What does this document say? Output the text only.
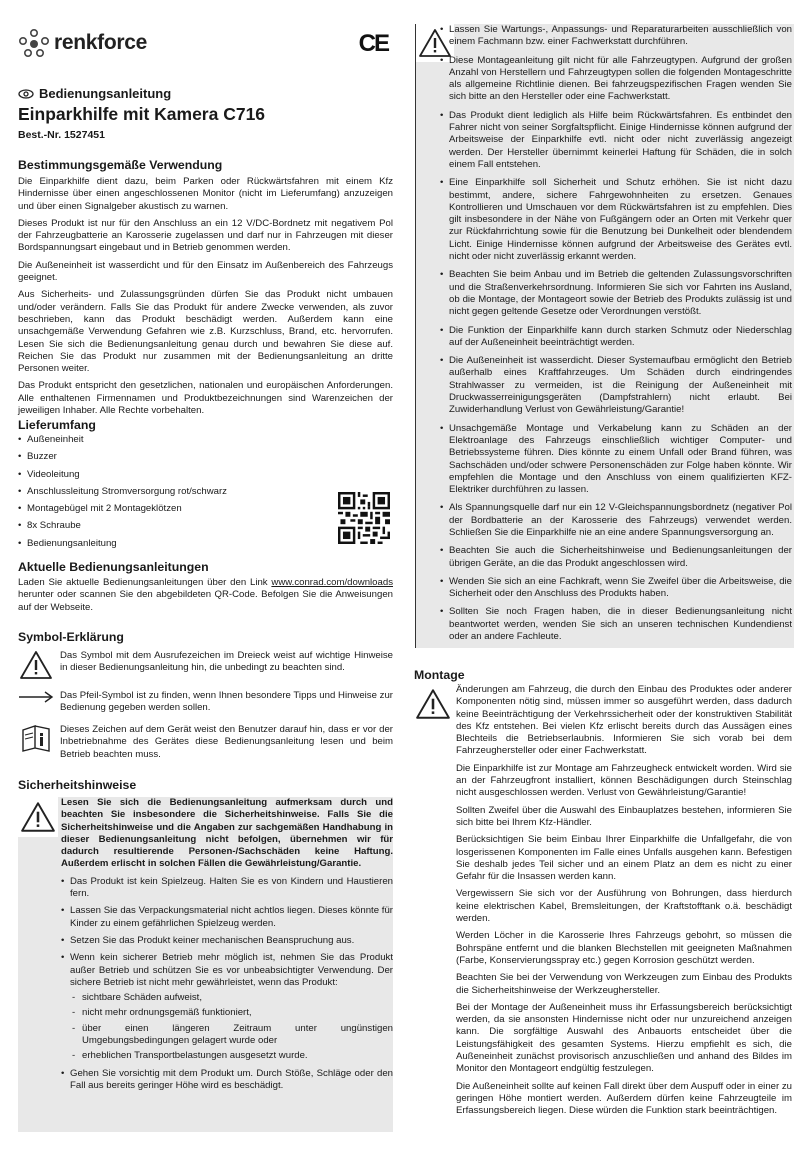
renkforce	CE
Bedienungsanleitung
Einparkhilfe mit Kamera C716
Best.-Nr. 1527451
Bestimmungsgemäße Verwendung

Die Einparkhilfe dient dazu, beim Parken oder Rückwärtsfahren mit einem Kfz Hindernisse über einen angeschlossenen Monitor (nicht im Lieferumfang) anzuzeigen und über einen Signalgeber akustisch zu warnen.

Dieses Produkt ist nur für den Anschluss an ein 12 V/DC-Bordnetz mit negativem Pol der Fahrzeugbatterie an Karosserie zugelassen und darf nur in Fahrzeugen mit dieser Bordspannungsart eingebaut und in Betrieb genommen werden.

Die Außeneinheit ist wasserdicht und für den Einsatz im Außenbereich des Fahrzeugs geeignet.

Aus Sicherheits- und Zulassungsgründen dürfen Sie das Produkt nicht umbauen und/oder verändern. Falls Sie das Produkt für andere Zwecke verwenden, als zuvor beschrieben, kann das Produkt beschädigt werden. Außerdem kann eine unsachgemäße Verwendung Gefahren wie z.B. Kurzschluss, Brand, etc. hervorrufen. Lesen Sie sich die Bedienungsanleitung genau durch und bewahren Sie diese auf. Reichen Sie das Produkt nur zusammen mit der Bedienungsanleitung an dritte Personen weiter.

Das Produkt entspricht den gesetzlichen, nationalen und europäischen Anforderungen. Alle enthaltenen Firmennamen und Produktbezeichnungen sind Warenzeichen der jeweiligen Inhaber. Alle Rechte vorbehalten.

Lieferumfang
• Außeneinheit
• Buzzer
• Videoleitung
• Anschlussleitung Stromversorgung rot/schwarz
• Montagebügel mit 2 Montageklötzen
• 8x Schraube
• Bedienungsanleitung
Aktuelle Bedienungsanleitungen

Laden Sie aktuelle Bedienungsanleitungen über den Link www.conrad.com/downloads herunter oder scannen Sie den abgebildeten QR-Code. Befolgen Sie die Anweisungen auf der Webseite.

Symbol-Erklärung

Das Symbol mit dem Ausrufezeichen im Dreieck weist auf wichtige Hinweise in dieser Bedienungsanleitung hin, die unbedingt zu beachten sind.

Das Pfeil-Symbol ist zu finden, wenn Ihnen besondere Tipps und Hinweise zur Bedienung gegeben werden sollen.

Dieses Zeichen auf dem Gerät weist den Benutzer darauf hin, dass er vor der Inbetriebnahme des Gerätes diese Bedienungsanleitung lesen und beim Betrieb beachten muss.

Sicherheitshinweise

Lesen Sie sich die Bedienungsanleitung aufmerksam durch und beachten Sie insbesondere die Sicherheitshinweise. Falls Sie die Sicherheitshinweise und die Angaben zur sachgemäßen Handhabung in dieser Bedienungsanleitung nicht befolgen, übernehmen wir für dadurch resultierende Personen-/Sachschäden keine Haftung. Außerdem erlischt in solchen Fällen die Gewährleistung/Garantie.

• Das Produkt ist kein Spielzeug. Halten Sie es von Kindern und Haustieren fern.
• Lassen Sie das Verpackungsmaterial nicht achtlos liegen. Dieses könnte für Kinder zu einem gefährlichen Spielzeug werden.
• Setzen Sie das Produkt keiner mechanischen Beanspruchung aus.
• Wenn kein sicherer Betrieb mehr möglich ist, nehmen Sie das Produkt außer Betrieb und schützen Sie es vor unbeabsichtigter Verwendung. Der sichere Betrieb ist nicht mehr gewährleistet, wenn das Produkt:
- sichtbare Schäden aufweist,
- nicht mehr ordnungsgemäß funktioniert,
- über einen längeren Zeitraum unter ungünstigen Umgebungsbedingungen gelagert wurde oder
- erheblichen Transportbelastungen ausgesetzt wurde.
• Gehen Sie vorsichtig mit dem Produkt um. Durch Stöße, Schläge oder den Fall aus bereits geringer Höhe wird es beschädigt.
• Lassen Sie Wartungs-, Anpassungs- und Reparaturarbeiten ausschließlich von einem Fachmann bzw. einer Fachwerkstatt durchführen.
• Diese Montageanleitung gilt nicht für alle Fahrzeugtypen. Aufgrund der großen Anzahl von Herstellern und Fahrzeugtypen sollen die folgenden Montageschritte als allgemeine Richtlinie dienen. Bei fahrzeugspezifischen Fragen wenden Sie sich bitte an den Hersteller oder eine Fachwerkstatt.
• Das Produkt dient lediglich als Hilfe beim Rückwärtsfahren. Es entbindet den Fahrer nicht von seiner Sorgfaltspflicht. Einige Hindernisse können aufgrund der Arbeitsweise der Einparkhilfe evtl. nicht oder nicht zuverlässig angezeigt werden. Der Hersteller übernimmt keinerlei Haftung für Schäden, die in solch einem Fall entstehen.
• Eine Einparkhilfe soll Sicherheit und Schutz erhöhen. Sie ist nicht dazu bestimmt, andere, sichere Fahrgewohnheiten zu ersetzen. Genaues Kontrollieren und Umschauen vor dem Rückwärtsfahren ist zu empfehlen. Dies gilt insbesondere in der Nähe von Fußgängern oder an Orten mit Verkehr quer zur Rückfahrrichtung sowie für die Benutzung bei Dunkelheit oder blendendem Licht. Einige Hindernisse können aufgrund der Arbeitsweise des Gerätes evtl. nicht oder nicht zuverlässig erkannt werden.
• Beachten Sie beim Anbau und im Betrieb die geltenden Zulassungsvorschriften und die Straßenverkehrsordnung. Informieren Sie sich vor Fahrten ins Ausland, ob die Montage, der Montageort sowie der Betrieb des Produkts zulässig ist und nicht gegen geltende Gesetze oder Verordnungen verstößt.
• Die Funktion der Einparkhilfe kann durch starken Schmutz oder Niederschlag auf der Außeneinheit beeinträchtigt werden.
• Die Außeneinheit ist wasserdicht. Dieser Systemaufbau ermöglicht den Betrieb außerhalb eines Kraftfahrzeuges. Um Schäden durch eindringendes Strahlwasser zu vermeiden, ist die Reinigung der Außeneinheit mit Druckwasserreinigungsgeräten (Dampfstrahlern) nicht erlaubt. Bei Zuwiderhandlung Verlust von Gewährleistung/Garantie!
• Unsachgemäße Montage und Verkabelung kann zu Schäden an der Elektroanlage des Fahrzeugs einschließlich wichtiger Computer- und Betriebssysteme führen. Dies könnte zu einem Unfall oder Brand führen, was Sachschäden und/oder schwere Personenschäden zur Folge haben könnte. Wir empfehlen die Montage und den Anschluss von einem qualifizierten KFZ-Elektriker durchführen zu lassen.
• Als Spannungsquelle darf nur ein 12 V-Gleichspannungsbordnetz (negativer Pol der Bordbatterie an der Karosserie des Fahrzeugs) verwendet werden. Schließen Sie die Einparkhilfe nie an eine andere Spannungsversorgung an.
• Beachten Sie auch die Sicherheitshinweise und Bedienungsanleitungen der übrigen Geräte, an die das Produkt angeschlossen wird.
• Wenden Sie sich an eine Fachkraft, wenn Sie Zweifel über die Arbeitsweise, die Sicherheit oder den Anschluss des Produkts haben.
• Sollten Sie noch Fragen haben, die in dieser Bedienungsanleitung nicht beantwortet werden, wenden Sie sich an unseren technischen Kundendienst oder an andere Fachleute.
Montage

Änderungen am Fahrzeug, die durch den Einbau des Produktes oder anderer Komponenten nötig sind, müssen immer so ausgeführt werden, dass dadurch keine Beeinträchtigung der Verkehrssicherheit oder der konstruktiven Stabilität des Kfz entstehen. Bei vielen Kfz erlischt bereits durch das Aussägen eines Blechteils die Betriebserlaubnis. Informieren Sie sich vorab bei dem Fahrzeughersteller oder einer Fachwerkstatt.

Die Einparkhilfe ist zur Montage am Fahrzeugheck entwickelt worden. Wird sie an der Fahrzeugfront installiert, können Beschädigungen durch Steinschlag nicht ausgeschlossen werden. Verlust von Gewährleistung/Garantie!

Sollten Zweifel über die Auswahl des Einbauplatzes bestehen, informieren Sie sich bitte bei Ihrem Kfz-Händler.

Berücksichtigen Sie beim Einbau Ihrer Einparkhilfe die Unfallgefahr, die von losgerissenen Komponenten im Falle eines Unfalls ausgehen kann. Befestigen Sie deshalb jedes Teil sicher und an einem Platz an dem es nicht zu einer Gefahr für die Insassen werden kann.

Vergewissern Sie sich vor der Ausführung von Bohrungen, dass hierdurch keine elektrischen Kabel, Bremsleitungen, der Kraftstofftank o.ä. beschädigt werden.

Werden Löcher in die Karosserie Ihres Fahrzeugs gebohrt, so müssen die Bohrspäne entfernt und die blanken Blechstellen mit geeigneten Maßnahmen (Farbe, Konservierungsspray etc.) gegen Korrosion geschützt werden.

Beachten Sie bei der Verwendung von Werkzeugen zum Einbau des Produkts die Sicherheitshinweise der Werkzeughersteller.

Bei der Montage der Außeneinheit muss ihr Erfassungsbereich berücksichtigt werden, da sie ansonsten Hindernisse nicht oder nur unzureichend anzeigen kann. Die sorgfältige Auswahl des Anbauorts entscheidet über die Leistungsfähigkeit des gesamten Systems. Hierzu empfiehlt es sich, die Außeneinheit zunächst provisorisch anzuschließen und anhand des Bildes im Monitor den Montageort endgültig festzulegen.

Die Außeneinheit sollte auf keinen Fall direkt über dem Auspuff oder in einer zu geringen Höhe montiert werden. Außerdem dürfen keine Fahrzeugteile im Erfassungsbereich liegen. Diese würden die Funktion stark beeinträchtigen.
